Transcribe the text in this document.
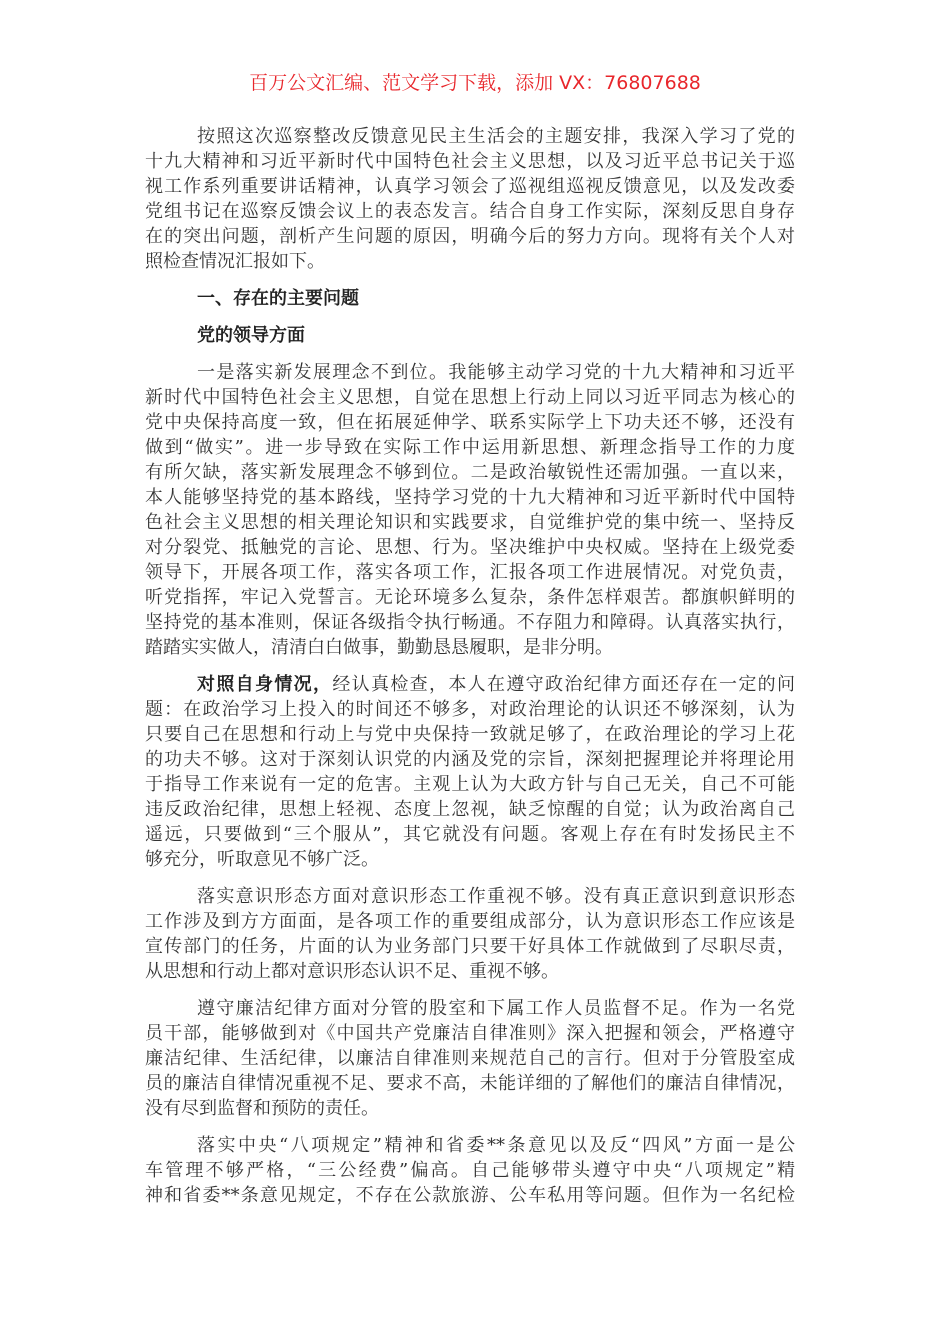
百万公文汇编、范文学习下载，添加 VX：76807688
按照这次巡察整改反馈意见民主生活会的主题安排，我深入学习了党的
十九大精神和习近平新时代中国特色社会主义思想，以及习近平总书记关于巡
视工作系列重要讲话精神，认真学习领会了巡视组巡视反馈意见，以及发改委
党组书记在巡察反馈会议上的表态发言。结合自身工作实际，深刻反思自身存
在的突出问题，剖析产生问题的原因，明确今后的努力方向。现将有关个人对
照检查情况汇报如下。
一、存在的主要问题
党的领导方面
一是落实新发展理念不到位。我能够主动学习党的十九大精神和习近平
新时代中国特色社会主义思想，自觉在思想上行动上同以习近平同志为核心的
党中央保持高度一致，但在拓展延伸学、联系实际学上下功夫还不够，还没有
做到“做实”。进一步导致在实际工作中运用新思想、新理念指导工作的力度
有所欠缺，落实新发展理念不够到位。二是政治敏锐性还需加强。一直以来，
本人能够坚持党的基本路线，坚持学习党的十九大精神和习近平新时代中国特
色社会主义思想的相关理论知识和实践要求，自觉维护党的集中统一、坚持反
对分裂党、抵触党的言论、思想、行为。坚决维护中央权威。坚持在上级党委
领导下，开展各项工作，落实各项工作，汇报各项工作进展情况。对党负责，
听党指挥，牢记入党誓言。无论环境多么复杂，条件怎样艰苦。都旗帜鲜明的
坚持党的基本准则，保证各级指令执行畅通。不存阻力和障碍。认真落实执行，
踏踏实实做人，清清白白做事，勤勤恳恳履职，是非分明。
对照自身情况，经认真检查，本人在遵守政治纪律方面还存在一定的问
题：在政治学习上投入的时间还不够多，对政治理论的认识还不够深刻，认为
只要自己在思想和行动上与党中央保持一致就足够了，在政治理论的学习上花
的功夫不够。这对于深刻认识党的内涵及党的宗旨，深刻把握理论并将理论用
于指导工作来说有一定的危害。主观上认为大政方针与自己无关，自己不可能
违反政治纪律，思想上轻视、态度上忽视，缺乏惊醒的自觉；认为政治离自己
遥远，只要做到“三个服从”，其它就没有问题。客观上存在有时发扬民主不
够充分，听取意见不够广泛。
落实意识形态方面对意识形态工作重视不够。没有真正意识到意识形态
工作涉及到方方面面，是各项工作的重要组成部分，认为意识形态工作应该是
宣传部门的任务，片面的认为业务部门只要干好具体工作就做到了尽职尽责，
从思想和行动上都对意识形态认识不足、重视不够。
遵守廉洁纪律方面对分管的股室和下属工作人员监督不足。作为一名党
员干部，能够做到对《中国共产党廉洁自律准则》深入把握和领会，严格遵守
廉洁纪律、生活纪律，以廉洁自律准则来规范自己的言行。但对于分管股室成
员的廉洁自律情况重视不足、要求不高，未能详细的了解他们的廉洁自律情况，
没有尽到监督和预防的责任。
落实中央“八项规定”精神和省委**条意见以及反“四风”方面一是公
车管理不够严格，“三公经费”偏高。自己能够带头遵守中央“八项规定”精
神和省委**条意见规定，不存在公款旅游、公车私用等问题。但作为一名纪检
